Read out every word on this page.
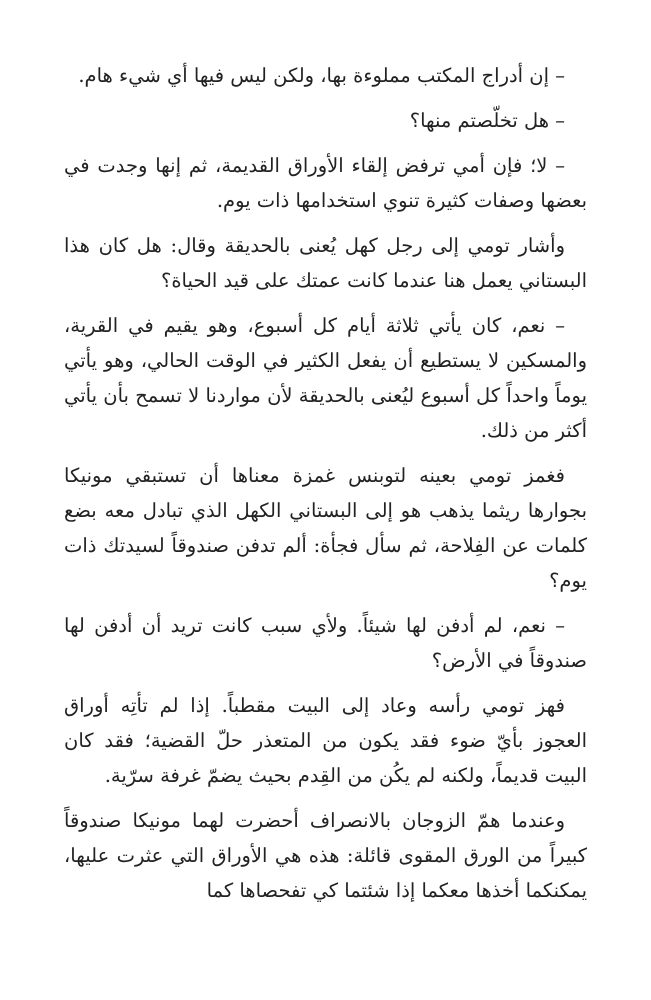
– إن أدراج المكتب مملوءة بها، ولكن ليس فيها أي شيء هام.

– هل تخلّصتم منها؟

– لا؛ فإن أمي ترفض إلقاء الأوراق القديمة، ثم إنها وجدت في بعضها وصفات كثيرة تنوي استخدامها ذات يوم.

وأشار تومي إلى رجل كهل يُعنى بالحديقة وقال: هل كان هذا البستاني يعمل هنا عندما كانت عمتك على قيد الحياة؟

– نعم، كان يأتي ثلاثة أيام كل أسبوع، وهو يقيم في القرية، والمسكين لا يستطيع أن يفعل الكثير في الوقت الحالي، وهو يأتي يوماً واحداً كل أسبوع ليُعنى بالحديقة لأن مواردنا لا تسمح بأن يأتي أكثر من ذلك.

فغمز تومي بعينه لتوبنس غمزة معناها أن تستبقي مونيكا بجوارها ريثما يذهب هو إلى البستاني الكهل الذي تبادل معه بضع كلمات عن الفِلاحة، ثم سأل فجأة: ألم تدفن صندوقاً لسيدتك ذات يوم؟

– نعم، لم أدفن لها شيئاً. ولأي سبب كانت تريد أن أدفن لها صندوقاً في الأرض؟

فهز تومي رأسه وعاد إلى البيت مقطباً. إذا لم تأتِه أوراق العجوز بأيّ ضوء فقد يكون من المتعذر حلّ القضية؛ فقد كان البيت قديماً، ولكنه لم يكُن من القِدم بحيث يضمّ غرفة سرّية.

وعندما همّ الزوجان بالانصراف أحضرت لهما مونيكا صندوقاً كبيراً من الورق المقوى قائلة: هذه هي الأوراق التي عثرت عليها، يمكنكما أخذها معكما إذا شئتما كي تفحصاها كما
